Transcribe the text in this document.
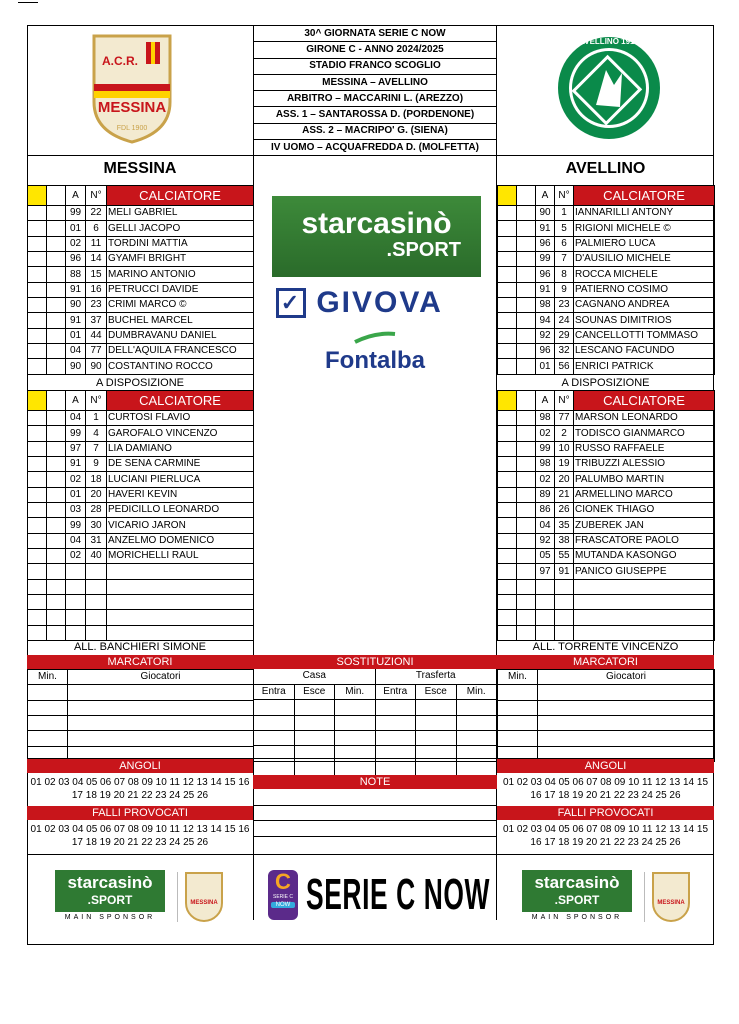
A.C.R.
MESSINA
FDL 1900
AVELLINO 1912
30^ GIORNATA SERIE C NOW
GIRONE C - ANNO 2024/2025
STADIO FRANCO SCOGLIO
MESSINA – AVELLINO
ARBITRO – MACCARINI L. (AREZZO)
ASS. 1 – SANTAROSSA D. (PORDENONE)
ASS. 2 – MACRIPO' G. (SIENA)
IV UOMO – ACQUAFREDDA D. (MOLFETTA)
MESSINA	AVELLINO
		A	N°	CALCIATORE
		99	22	MELI GABRIEL
		01	6	GELLI JACOPO
		02	11	TORDINI MATTIA
		96	14	GYAMFI BRIGHT
		88	15	MARINO ANTONIO
		91	16	PETRUCCI DAVIDE
		90	23	CRIMI MARCO ©
		91	37	BUCHEL MARCEL
		01	44	DUMBRAVANU DANIEL
		04	77	DELL'AQUILA FRANCESCO
		90	90	COSTANTINO ROCCO
A DISPOSIZIONE
		A	N°	CALCIATORE
		04	1	CURTOSI FLAVIO
		99	4	GAROFALO VINCENZO
		97	7	LIA DAMIANO
		91	9	DE SENA CARMINE
		02	18	LUCIANI PIERLUCA
		01	20	HAVERI KEVIN
		03	28	PEDICILLO LEONARDO
		99	30	VICARIO JARON
		04	31	ANZELMO DOMENICO
		02	40	MORICHELLI RAUL

ALL. BANCHIERI SIMONE
		A	N°	CALCIATORE
		90	1	IANNARILLI ANTONY
		91	5	RIGIONI MICHELE ©
		96	6	PALMIERO LUCA
		99	7	D'AUSILIO MICHELE
		96	8	ROCCA MICHELE
		91	9	PATIERNO COSIMO
		98	23	CAGNANO ANDREA
		94	24	SOUNAS DIMITRIOS
		92	29	CANCELLOTTI TOMMASO
		96	32	LESCANO FACUNDO
		01	56	ENRICI PATRICK
A DISPOSIZIONE
		A	N°	CALCIATORE
		98	77	MARSON LEONARDO
		02	2	TODISCO GIANMARCO
		99	10	RUSSO RAFFAELE
		98	19	TRIBUZZI ALESSIO
		02	20	PALUMBO MARTIN
		89	21	ARMELLINO MARCO
		86	26	CIONEK THIAGO
		04	35	ZUBEREK JAN
		92	38	FRASCATORE PAOLO
		05	55	MUTANDA KASONGO
		97	91	PANICO GIUSEPPE

ALL. TORRENTE VINCENZO
starcasinò
.SPORT
✓ GIVOVA
Fontalba
MARCATORI	SOSTITUZIONI	MARCATORI
Min.	Giocatori

		Min.	Giocatori

Casa			Trasferta		
Entra	Esce	Min.	Entra	Esce	Min.

ANGOLI
01 02 03 04 05 06 07 08 09 10 11 12 13 14 15 16
17 18 19 20 21 22 23 24 25 26
FALLI PROVOCATI
01 02 03 04 05 06 07 08 09 10 11 12 13 14 15 16
17 18 19 20 21 22 23 24 25 26
ANGOLI
01 02 03 04 05 06 07 08 09 10 11 12 13 14 15
16 17 18 19 20 21 22 23 24 25 26
FALLI PROVOCATI
01 02 03 04 05 06 07 08 09 10 11 12 13 14 15
16 17 18 19 20 21 22 23 24 25 26
NOTE
starcasinò
.SPORT
MAIN SPONSOR
MESSINA
C
SERIE C
NOW SERIE C NOW	starcasinò
.SPORT
MAIN SPONSOR
MESSINA
